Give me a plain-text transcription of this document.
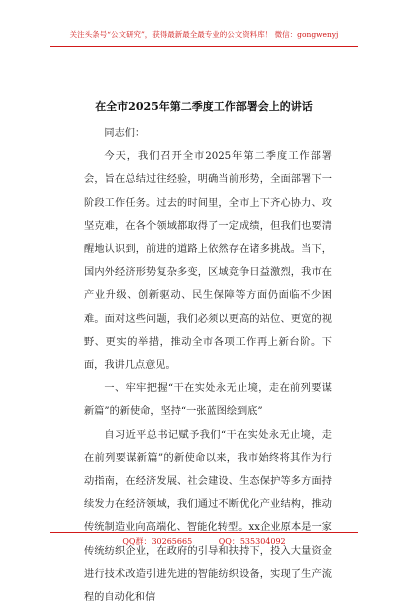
关注头条号“公文研究”，获得最新最全最专业的公文资料库！ 微信：gongwenyj
在全市2025年第二季度工作部署会上的讲话

同志们：

今天，我们召开全市2025年第二季度工作部署会，旨在总结过往经验，明确当前形势，全面部署下一阶段工作任务。过去的时间里，全市上下齐心协力、攻坚克难，在各个领域都取得了一定成绩，但我们也要清醒地认识到，前进的道路上依然存在诸多挑战。当下，国内外经济形势复杂多变，区域竞争日益激烈，我市在产业升级、创新驱动、民生保障等方面仍面临不少困难。面对这些问题，我们必须以更高的站位、更宽的视野、更实的举措，推动全市各项工作再上新台阶。下面，我讲几点意见。

一、牢牢把握“干在实处永无止境，走在前列要谋新篇”的新使命，坚持“一张蓝图绘到底”

自习近平总书记赋予我们“干在实处永无止境，走在前列要谋新篇”的新使命以来，我市始终将其作为行动指南，在经济发展、社会建设、生态保护等多方面持续发力在经济领域，我们通过不断优化产业结构，推动传统制造业向高端化、智能化转型。xx企业原本是一家传统纺织企业，在政府的引导和扶持下，投入大量资金进行技术改造引进先进的智能纺织设备，实现了生产流程的自动化和信

QQ群：30265665	QQ：535304092
